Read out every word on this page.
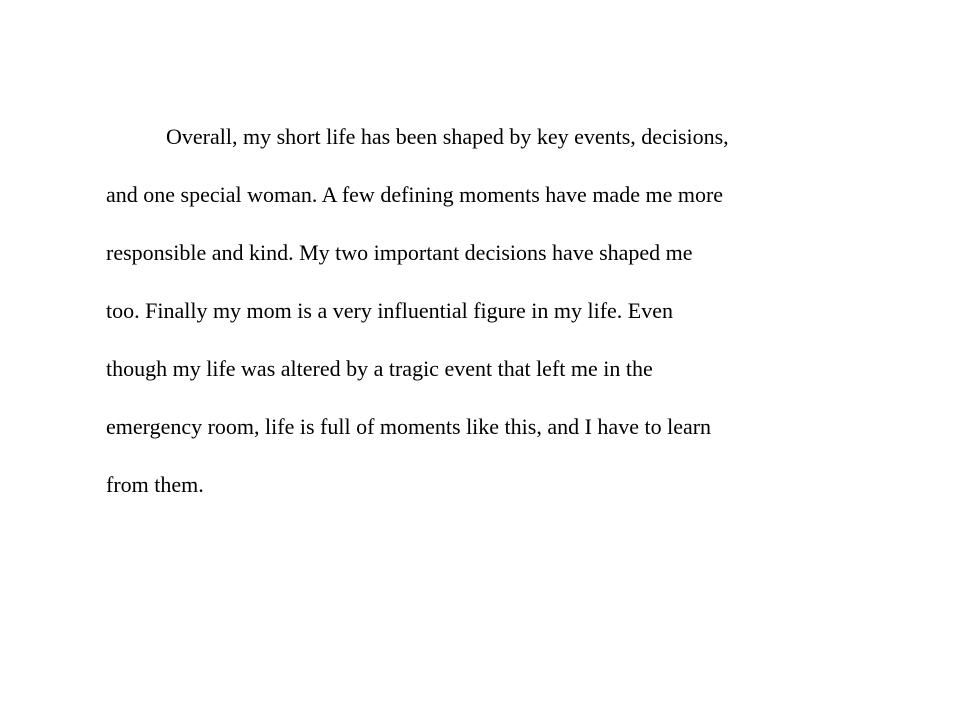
Overall, my short life has been shaped by key events, decisions,
and one special woman. A few defining moments have made me more
responsible and kind. My two important decisions have shaped me
too. Finally my mom is a very influential figure in my life. Even
though my life was altered by a tragic event that left me in the
emergency room, life is full of moments like this, and I have to learn
from them.
